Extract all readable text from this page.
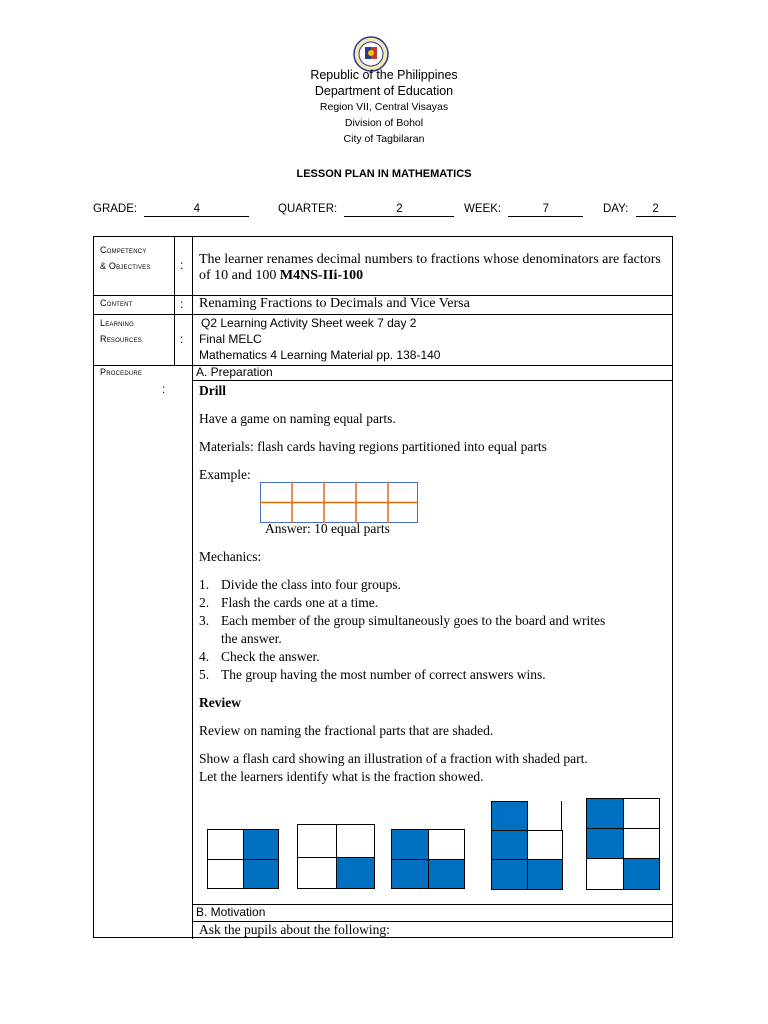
Republic of the Philippines
Department of Education
Region VII, Central Visayas
Division of Bohol
City of Tagbilaran
LESSON PLAN IN MATHEMATICS
GRADE:	4	QUARTER:	2	WEEK:	7	DAY: 2
Competency
& Objectives : The learner renames decimal numbers to fractions whose denominators are factors of 10 and 100 M4NS-IIi-100
Content	: Renaming Fractions to Decimals and Vice Versa
Learning
Resources	:
Q2 Learning Activity Sheet week 7 day 2
Final MELC
Mathematics 4 Learning Material pp. 138-140
Procedure
:
A. Preparation
Drill
Have a game on naming equal parts.
Materials: flash cards having regions partitioned into equal parts
Example:
Answer: 10 equal parts
Mechanics:
1. Divide the class into four groups.
2. Flash the cards one at a time.
3. Each member of the group simultaneously goes to the board and writes
the answer.
4. Check the answer.
5. The group having the most number of correct answers wins.
Review
Review on naming the fractional parts that are shaded.
Show a flash card showing an illustration of a fraction with shaded part.
Let the learners identify what is the fraction showed.
B. Motivation
Ask the pupils about the following:
